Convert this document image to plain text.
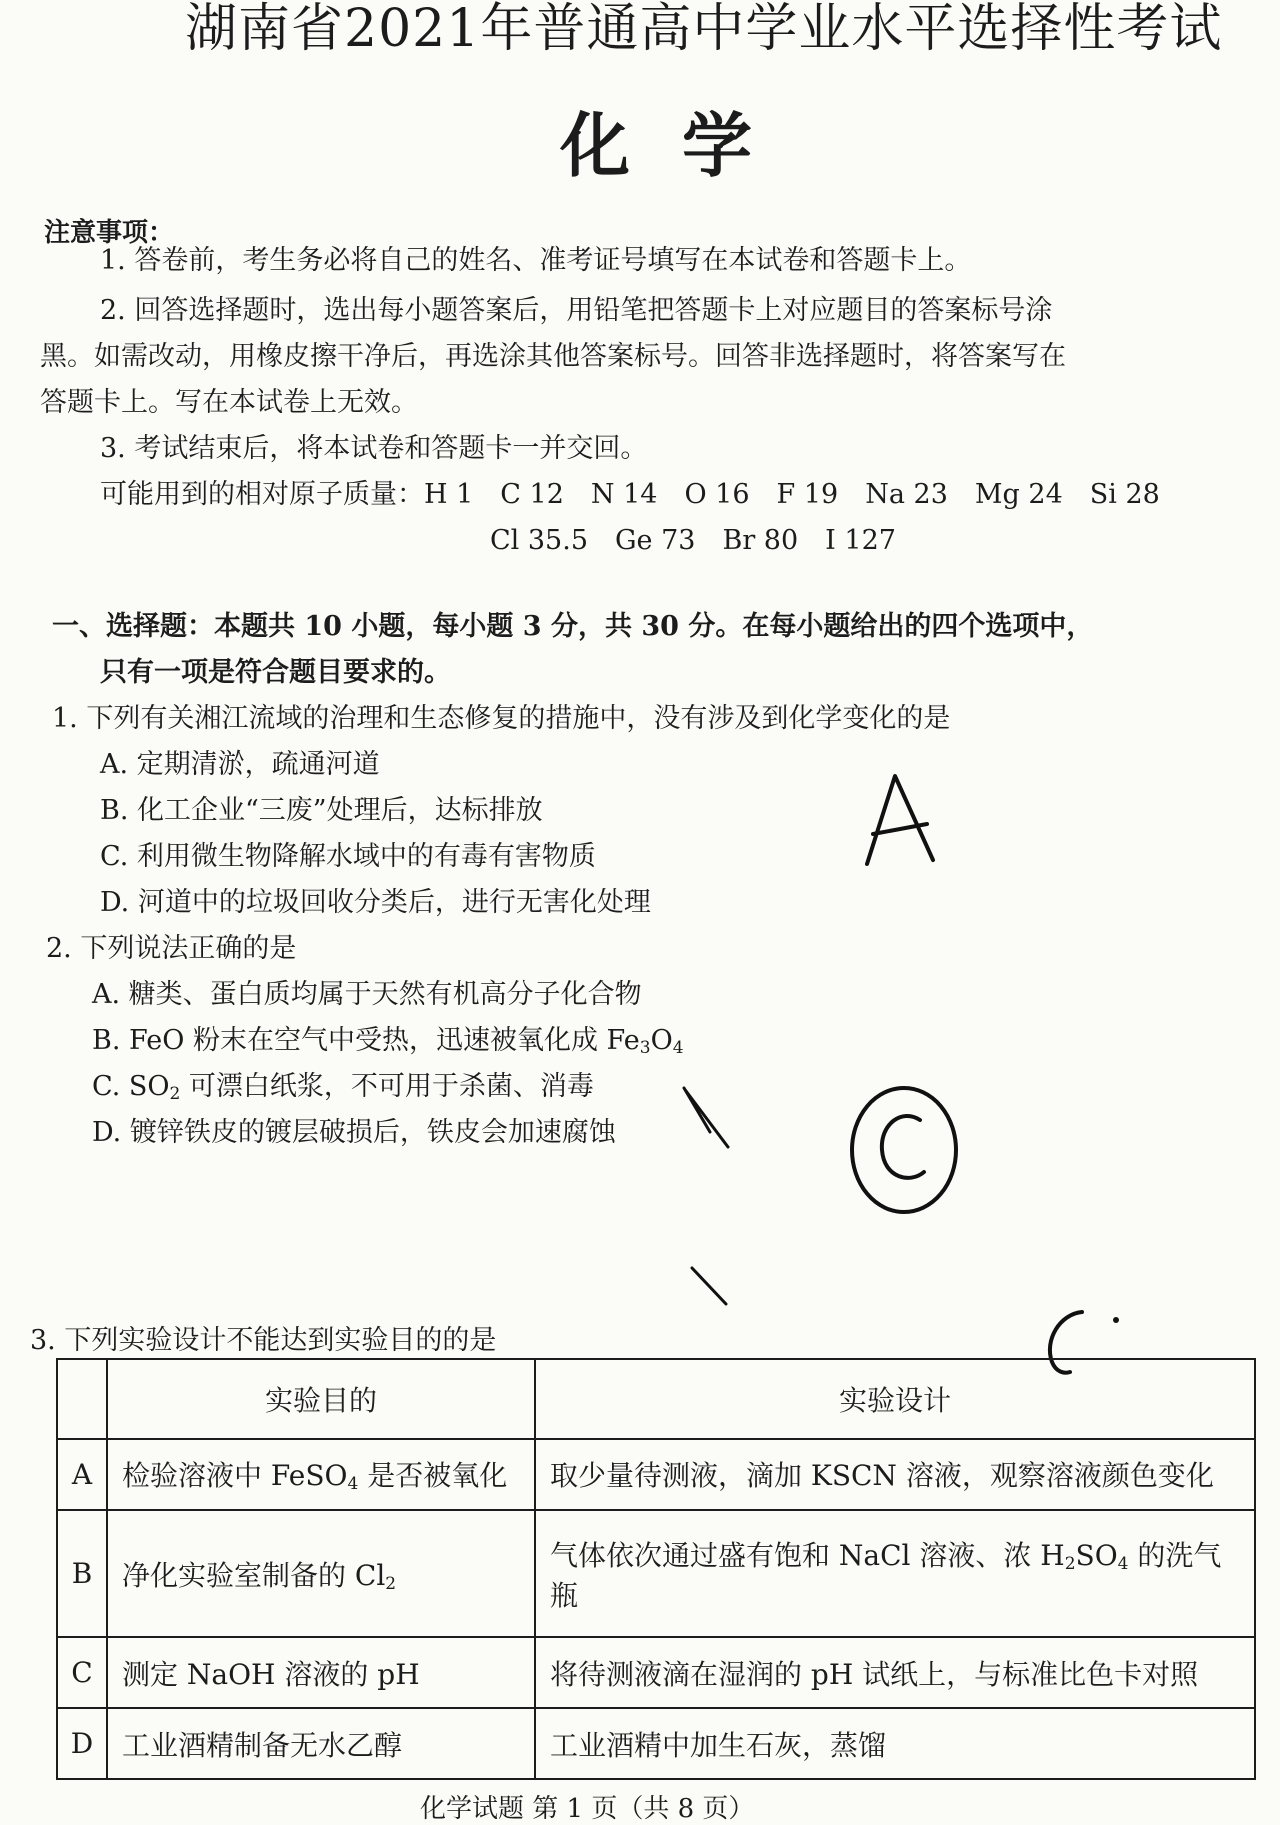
湖南省2021年普通高中学业水平选择性考试
化学
注意事项：
1. 答卷前，考生务必将自己的姓名、准考证号填写在本试卷和答题卡上。
2. 回答选择题时，选出每小题答案后，用铅笔把答题卡上对应题目的答案标号涂
黑。如需改动，用橡皮擦干净后，再选涂其他答案标号。回答非选择题时，将答案写在
答题卡上。写在本试卷上无效。
3. 考试结束后，将本试卷和答题卡一并交回。
可能用到的相对原子质量：H 1　C 12　N 14　O 16　F 19　Na 23　Mg 24　Si 28
Cl 35.5　Ge 73　Br 80　I 127
一、选择题：本题共 10 小题，每小题 3 分，共 30 分。在每小题给出的四个选项中，
只有一项是符合题目要求的。
1. 下列有关湘江流域的治理和生态修复的措施中，没有涉及到化学变化的是
A. 定期清淤，疏通河道
B. 化工企业“三废”处理后，达标排放
C. 利用微生物降解水域中的有毒有害物质
D. 河道中的垃圾回收分类后，进行无害化处理
2. 下列说法正确的是
A. 糖类、蛋白质均属于天然有机高分子化合物
B. FeO 粉末在空气中受热，迅速被氧化成 $Fe_3O_4$
C. $SO_2$ 可漂白纸浆，不可用于杀菌、消毒
D. 镀锌铁皮的镀层破损后，铁皮会加速腐蚀
3. 下列实验设计不能达到实验目的的是
	实验目的	实验设计
A	检验溶液中 FeSO$_4$ 是否被氧化	取少量待测液，滴加 KSCN 溶液，观察溶液颜色变化
B	净化实验室制备的 $Cl_2$	气体依次通过盛有饱和 NaCl 溶液、浓 $H_2SO_4$ 的洗气瓶
C	测定 NaOH 溶液的 pH	将待测液滴在湿润的 pH 试纸上，与标准比色卡对照
D	工业酒精制备无水乙醇	工业酒精中加生石灰，蒸馏
化学试题 第 1 页（共 8 页）
